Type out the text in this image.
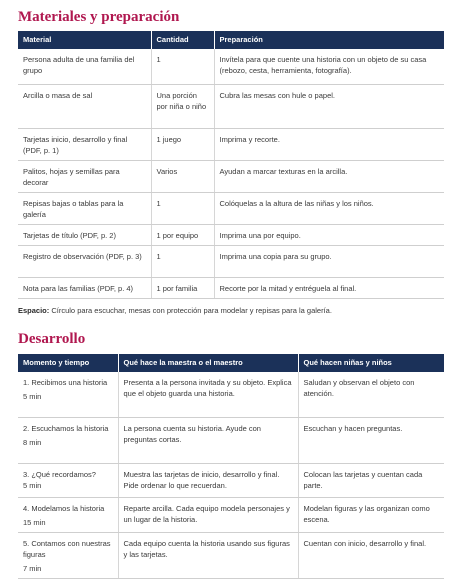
Materiales y preparación
Material	Cantidad	Preparación
Persona adulta de una familia del grupo	1	Invítela para que cuente una historia con un objeto de su casa (rebozo, cesta, herramienta, fotografía).
Arcilla o masa de sal	Una porción por niña o niño	Cubra las mesas con hule o papel.
Tarjetas inicio, desarrollo y final (PDF, p. 1)	1 juego	Imprima y recorte.
Palitos, hojas y semillas para decorar	Varios	Ayudan a marcar texturas en la arcilla.
Repisas bajas o tablas para la galería	1	Colóquelas a la altura de las niñas y los niños.
Tarjetas de título (PDF, p. 2)	1 por equipo	Imprima una por equipo.
Registro de observación (PDF, p. 3)	1	Imprima una copia para su grupo.
Nota para las familias (PDF, p. 4)	1 por familia	Recorte por la mitad y entréguela al final.
Espacio: Círculo para escuchar, mesas con protección para modelar y repisas para la galería.
Desarrollo
Momento y tiempo	Qué hace la maestra o el maestro	Qué hacen niñas y niños
1. Recibimos una historia
5 min	Presenta a la persona invitada y su objeto. Explica que el objeto guarda una historia.	Saludan y observan el objeto con atención.
2. Escuchamos la historia
8 min	La persona cuenta su historia. Ayude con preguntas cortas.	Escuchan y hacen preguntas.
3. ¿Qué recordamos?
5 min	Muestra las tarjetas de inicio, desarrollo y final. Pide ordenar lo que recuerdan.	Colocan las tarjetas y cuentan cada parte.
4. Modelamos la historia
15 min	Reparte arcilla. Cada equipo modela personajes y un lugar de la historia.	Modelan figuras y las organizan como escena.
5. Contamos con nuestras figuras
7 min	Cada equipo cuenta la historia usando sus figuras y las tarjetas.	Cuentan con inicio, desarrollo y final.
